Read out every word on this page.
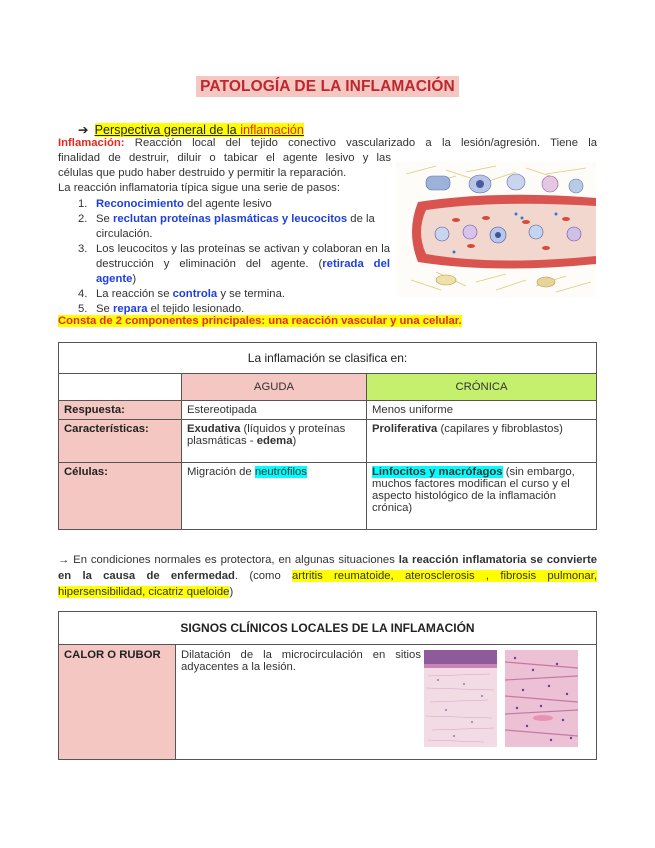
PATOLOGÍA DE LA INFLAMACIÓN
➔ Perspectiva general de la inflamación
Inflamación: Reacción local del tejido conectivo vascularizado a la lesión/agresión. Tiene la
finalidad de destruir, diluir o tabicar el agente lesivo y las
células que pudo haber destruido y permitir la reparación.
La reacción inflamatoria típica sigue una serie de pasos:
1. Reconocimiento del agente lesivo
2. Se reclutan proteínas plasmáticas y leucocitos de la circulación.
3. Los leucocitos y las proteínas se activan y colaboran en la destrucción y eliminación del agente. (retirada del agente)
4. La reacción se controla y se termina.
5. Se repara el tejido lesionado.
Consta de 2 componentes principales: una reacción vascular y una celular.
La inflamación se clasifica en:		
	AGUDA	CRÓNICA
Respuesta:	Estereotipada	Menos uniforme
Características:	Exudativa (líquidos y proteínas plasmáticas - edema)	Proliferativa (capilares y fibroblastos)
Células:	Migración de neutrófilos	Linfocitos y macrófagos (sin embargo, muchos factores modifican el curso y el aspecto histológico de la inflamación crónica)
→ En condiciones normales es protectora, en algunas situaciones la reacción inflamatoria se convierte en la causa de enfermedad. (como artritis reumatoide, aterosclerosis , fibrosis pulmonar, hipersensibilidad, cicatriz queloide)
SIGNOS CLÍNICOS LOCALES DE LA INFLAMACIÓN
CALOR O RUBOR	Dilatación de la microcirculación en sitios adyacentes a la lesión.
